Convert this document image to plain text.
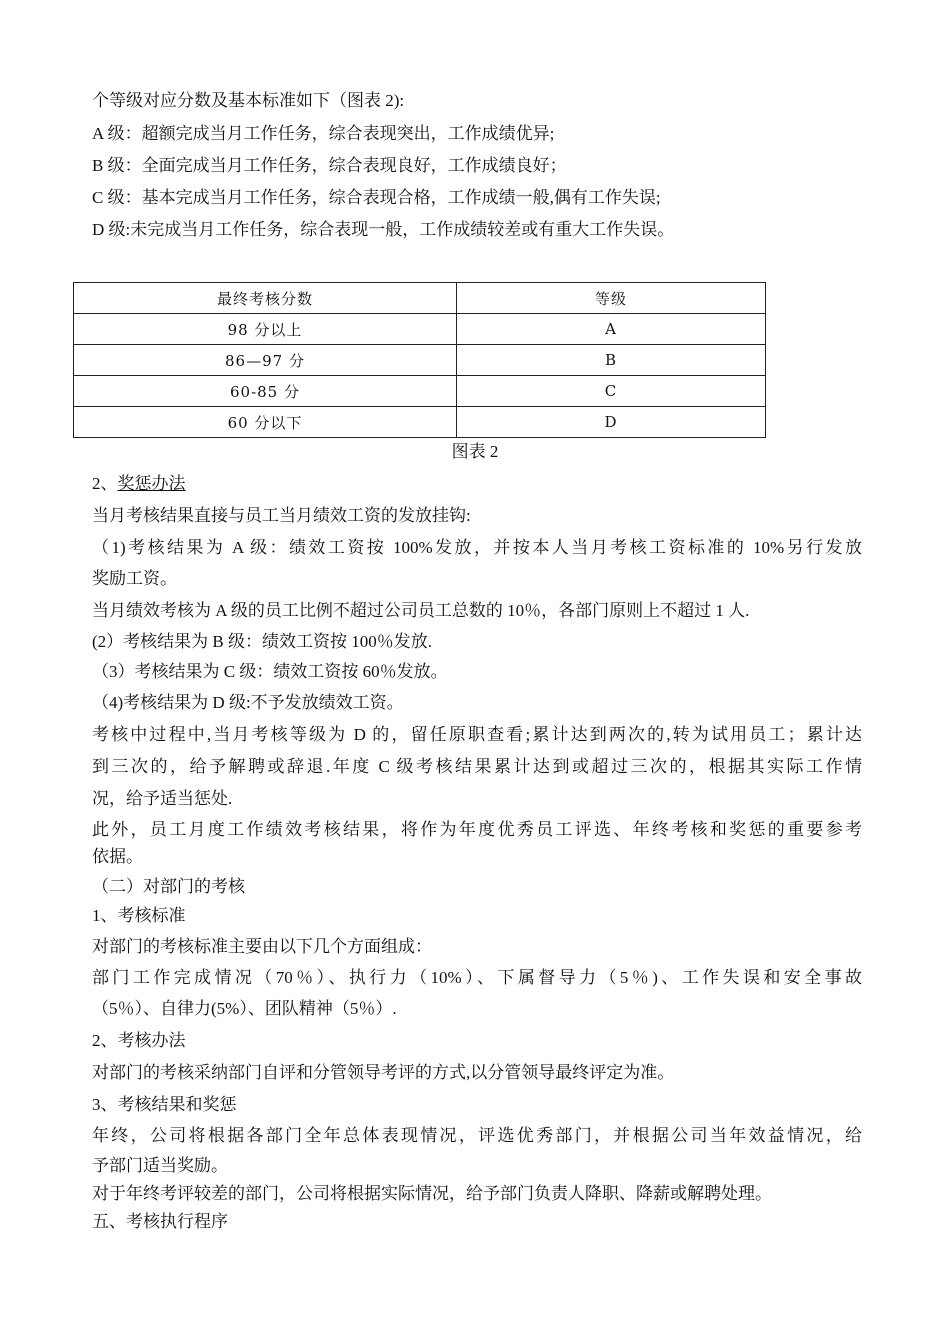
个等级对应分数及基本标准如下（图表 2):
A 级：超额完成当月工作任务，综合表现突出，工作成绩优异;
B 级：全面完成当月工作任务，综合表现良好，工作成绩良好；
C 级：基本完成当月工作任务，综合表现合格，工作成绩一般,偶有工作失误;
D 级:未完成当月工作任务，综合表现一般，工作成绩较差或有重大工作失误。
最终考核分数	等级
98 分以上	A
86—97 分	B
60-85 分	C
60 分以下	D
图表 2
2、奖惩办法
当月考核结果直接与员工当月绩效工资的发放挂钩:
（1)考核结果为 A 级：绩效工资按 100%发放，并按本人当月考核工资标准的 10%另行发放
奖励工资。
当月绩效考核为 A 级的员工比例不超过公司员工总数的 10％，各部门原则上不超过 1 人.
(2）考核结果为 B 级：绩效工资按 100％发放.
（3）考核结果为 C 级：绩效工资按 60％发放。
（4)考核结果为 D 级:不予发放绩效工资。
考核中过程中,当月考核等级为 D 的，留任原职查看;累计达到两次的,转为试用员工；累计达
到三次的，给予解聘或辞退.年度 C 级考核结果累计达到或超过三次的，根据其实际工作情
况，给予适当惩处.
此外，员工月度工作绩效考核结果，将作为年度优秀员工评选、年终考核和奖惩的重要参考
依据。
（二）对部门的考核
1、考核标准
对部门的考核标准主要由以下几个方面组成：
部门工作完成情况（70％）、执行力（10%）、下属督导力（5％)、工作失误和安全事故
（5％）、自律力(5%）、团队精神（5％）.
2、考核办法
对部门的考核采纳部门自评和分管领导考评的方式,以分管领导最终评定为准。
3、考核结果和奖惩
年终，公司将根据各部门全年总体表现情况，评选优秀部门，并根据公司当年效益情况，给
予部门适当奖励。
对于年终考评较差的部门，公司将根据实际情况，给予部门负责人降职、降薪或解聘处理。
五、考核执行程序
